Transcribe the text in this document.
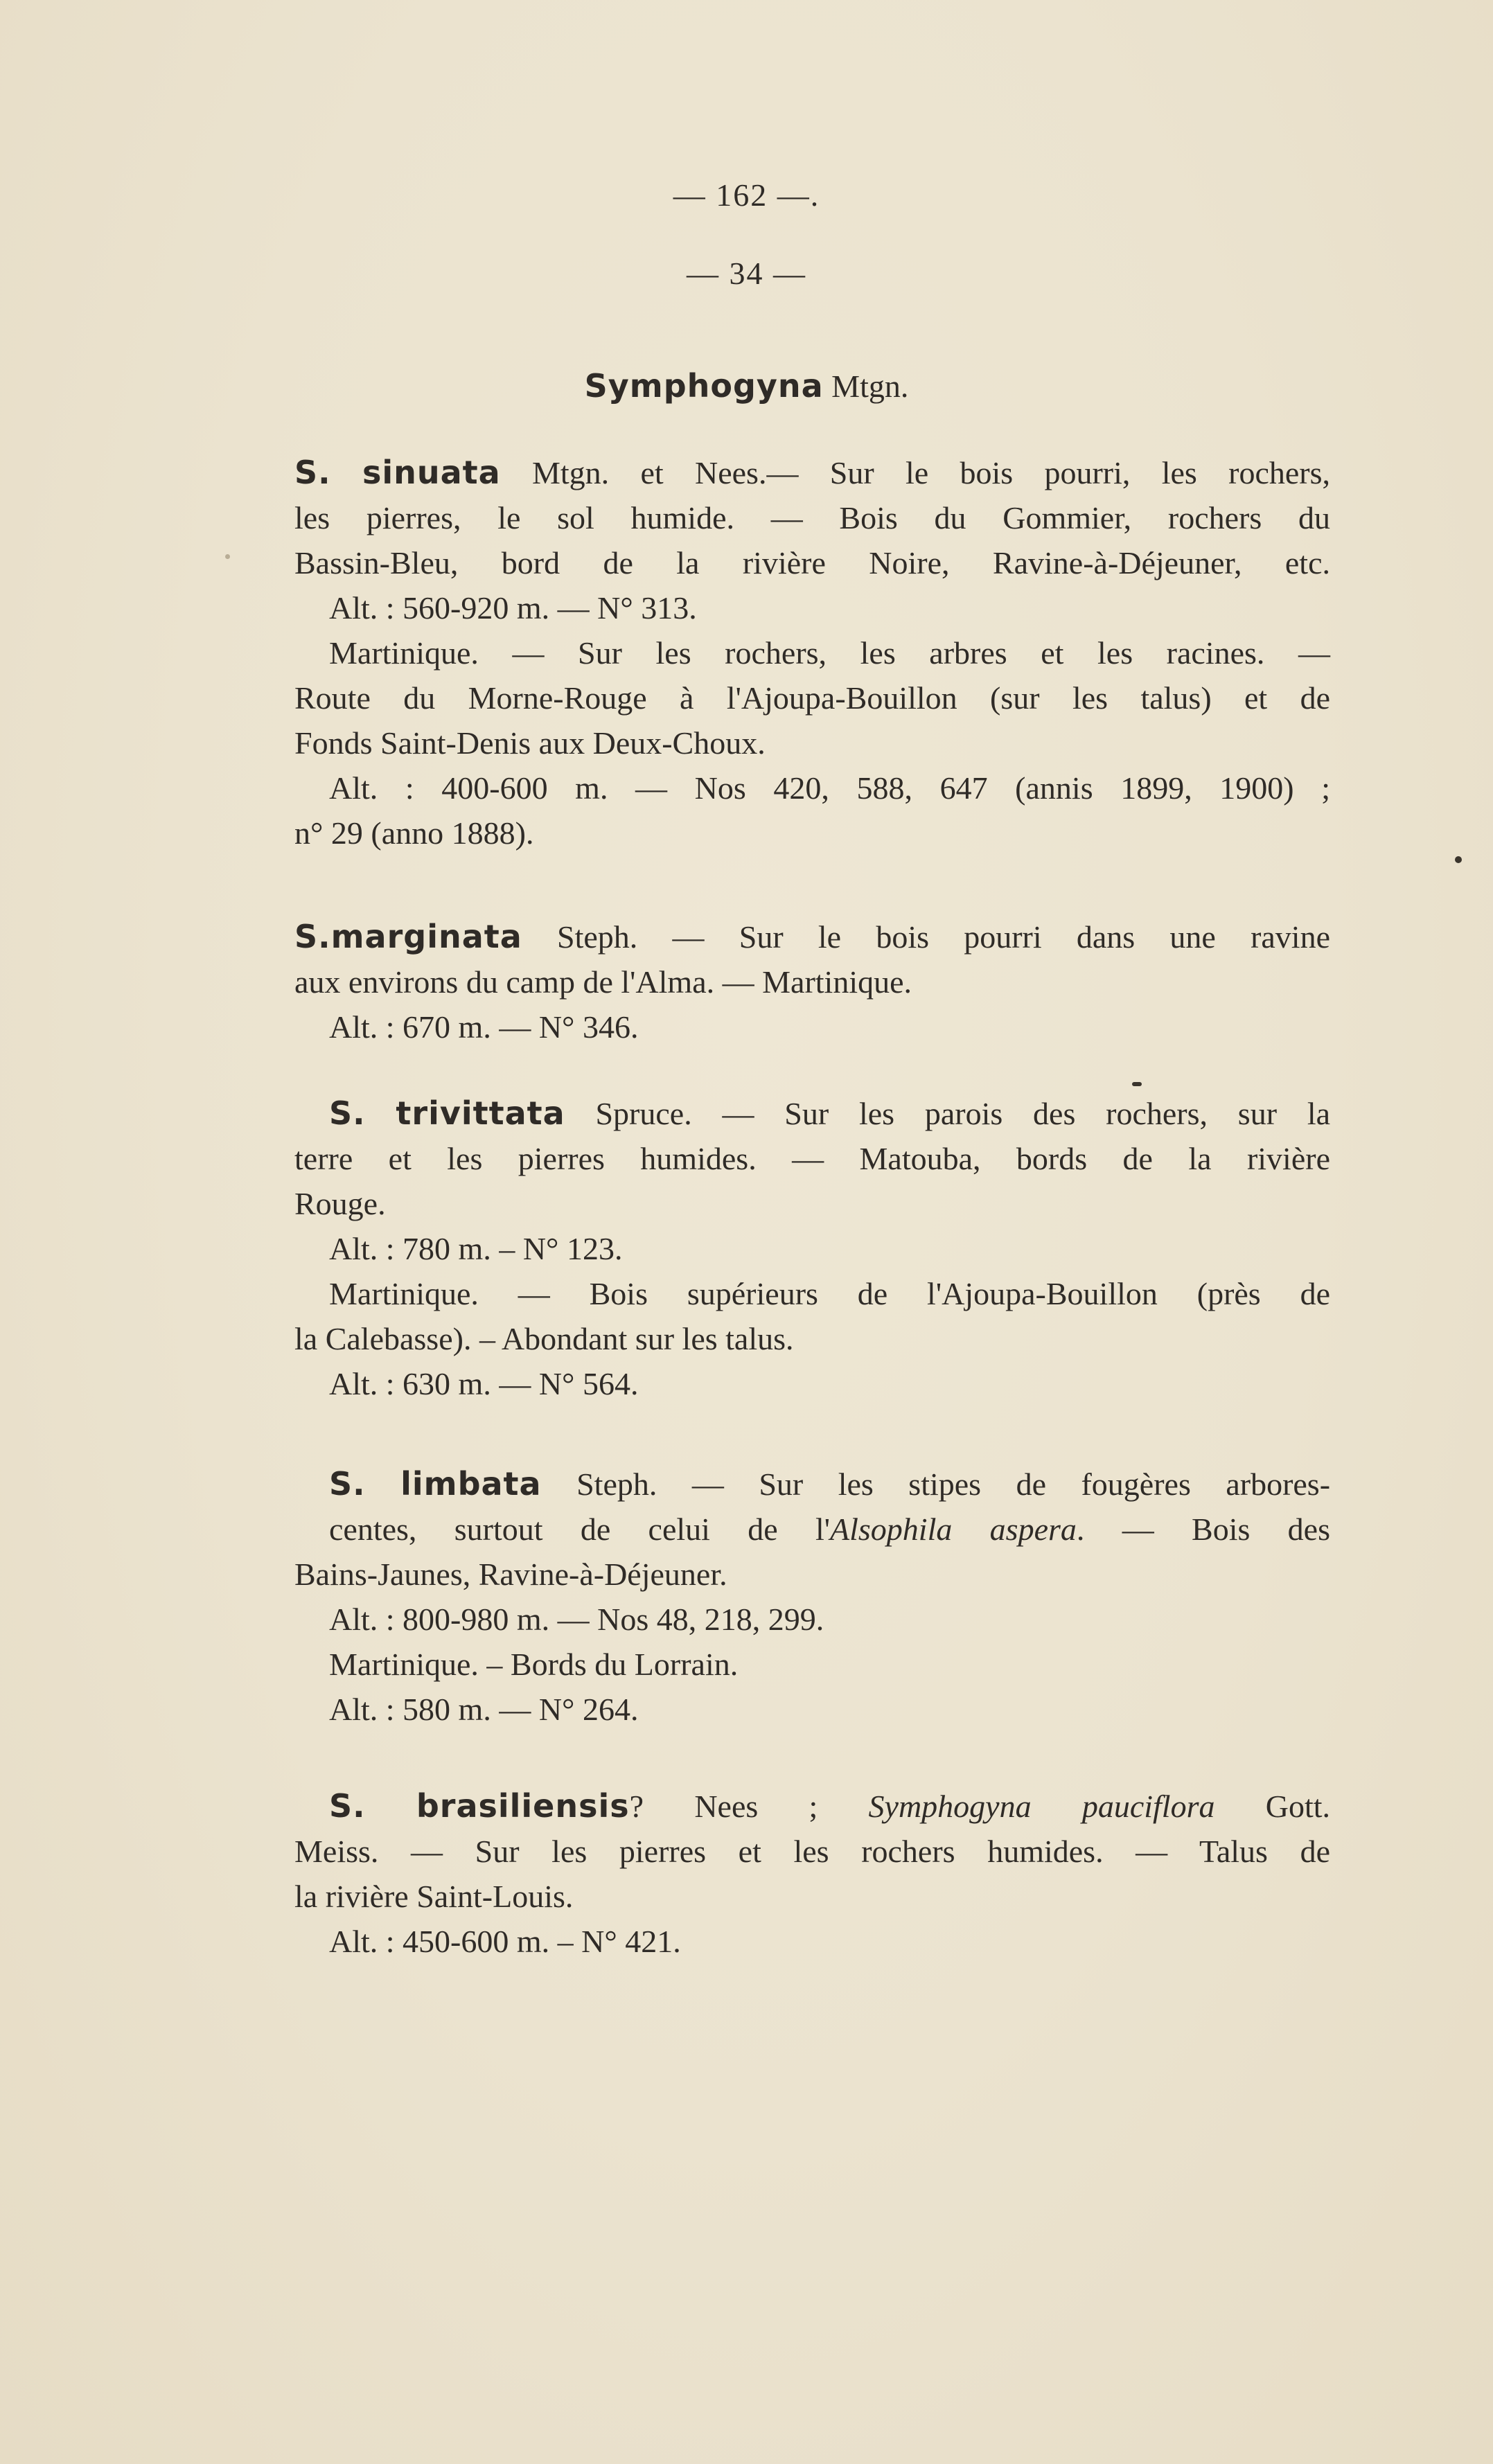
— 162 —.
— 34 —
Symphogyna Mtgn.
S. sinuata Mtgn. et Nees.— Sur le bois pourri, les rochers,
les pierres, le sol humide. — Bois du Gommier, rochers du
Bassin-Bleu, bord de la rivière Noire, Ravine-à-Déjeuner, etc.
Alt. : 560-920 m. — N° 313.
Martinique. — Sur les rochers, les arbres et les racines. —
Route du Morne-Rouge à l'Ajoupa-Bouillon (sur les talus) et de
Fonds Saint-Denis aux Deux-Choux.
Alt. : 400-600 m. — Nos 420, 588, 647 (annis 1899, 1900) ;
n° 29 (anno 1888).
S.marginata Steph. — Sur le bois pourri dans une ravine
aux environs du camp de l'Alma. — Martinique.
Alt. : 670 m. — N° 346.
S. trivittata Spruce. — Sur les parois des rochers, sur la
terre et les pierres humides. — Matouba, bords de la rivière
Rouge.
Alt. : 780 m. – N° 123.
Martinique. — Bois supérieurs de l'Ajoupa-Bouillon (près de
la Calebasse). – Abondant sur les talus.
Alt. : 630 m. — N° 564.
S. limbata Steph. — Sur les stipes de fougères arbores-
centes, surtout de celui de l'Alsophila aspera. — Bois des
Bains-Jaunes, Ravine-à-Déjeuner.
Alt. : 800-980 m. — Nos 48, 218, 299.
Martinique. – Bords du Lorrain.
Alt. : 580 m. — N° 264.
S. brasiliensis? Nees ; Symphogyna pauciflora Gott.
Meiss. — Sur les pierres et les rochers humides. — Talus de
la rivière Saint-Louis.
Alt. : 450-600 m. – N° 421.
